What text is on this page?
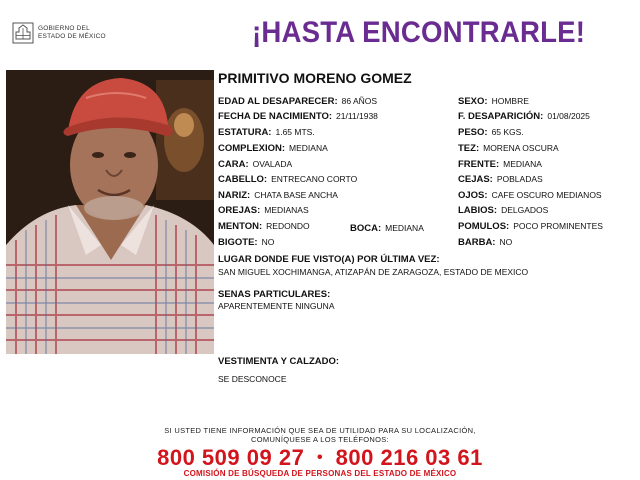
GOBIERNO DEL
ESTADO DE MÉXICO	¡HASTA ENCONTRARLE!
PRIMITIVO MORENO GOMEZ
EDAD AL DESAPARECER: 86 AÑOS
FECHA DE NACIMIENTO: 21/11/1938
ESTATURA: 1.65 MTS.
COMPLEXION: MEDIANA
CARA: OVALADA
CABELLO: ENTRECANO CORTO
NARIZ: CHATA BASE ANCHA
OREJAS: MEDIANAS
MENTON: REDONDO	BOCA: MEDIANA
BIGOTE: NO
SEXO: HOMBRE
F. DESAPARICIÓN: 01/08/2025
PESO: 65 KGS.
TEZ: MORENA OSCURA
FRENTE: MEDIANA
CEJAS: POBLADAS
OJOS: CAFE OSCURO MEDIANOS
LABIOS: DELGADOS
POMULOS: POCO PROMINENTES
BARBA: NO
LUGAR DONDE FUE VISTO(A) POR ÚLTIMA VEZ:
SAN MIGUEL XOCHIMANGA, ATIZAPÁN DE ZARAGOZA, ESTADO DE MEXICO
SENAS PARTICULARES:
APARENTEMENTE NINGUNA
VESTIMENTA Y CALZADO:
SE DESCONOCE
SI USTED TIENE INFORMACIÓN QUE SEA DE UTILIDAD PARA SU LOCALIZACIÓN,
COMUNÍQUESE A LOS TELÉFONOS:
800 509 09 27 • 800 216 03 61
COMISIÓN DE BÚSQUEDA DE PERSONAS DEL ESTADO DE MÉXICO
